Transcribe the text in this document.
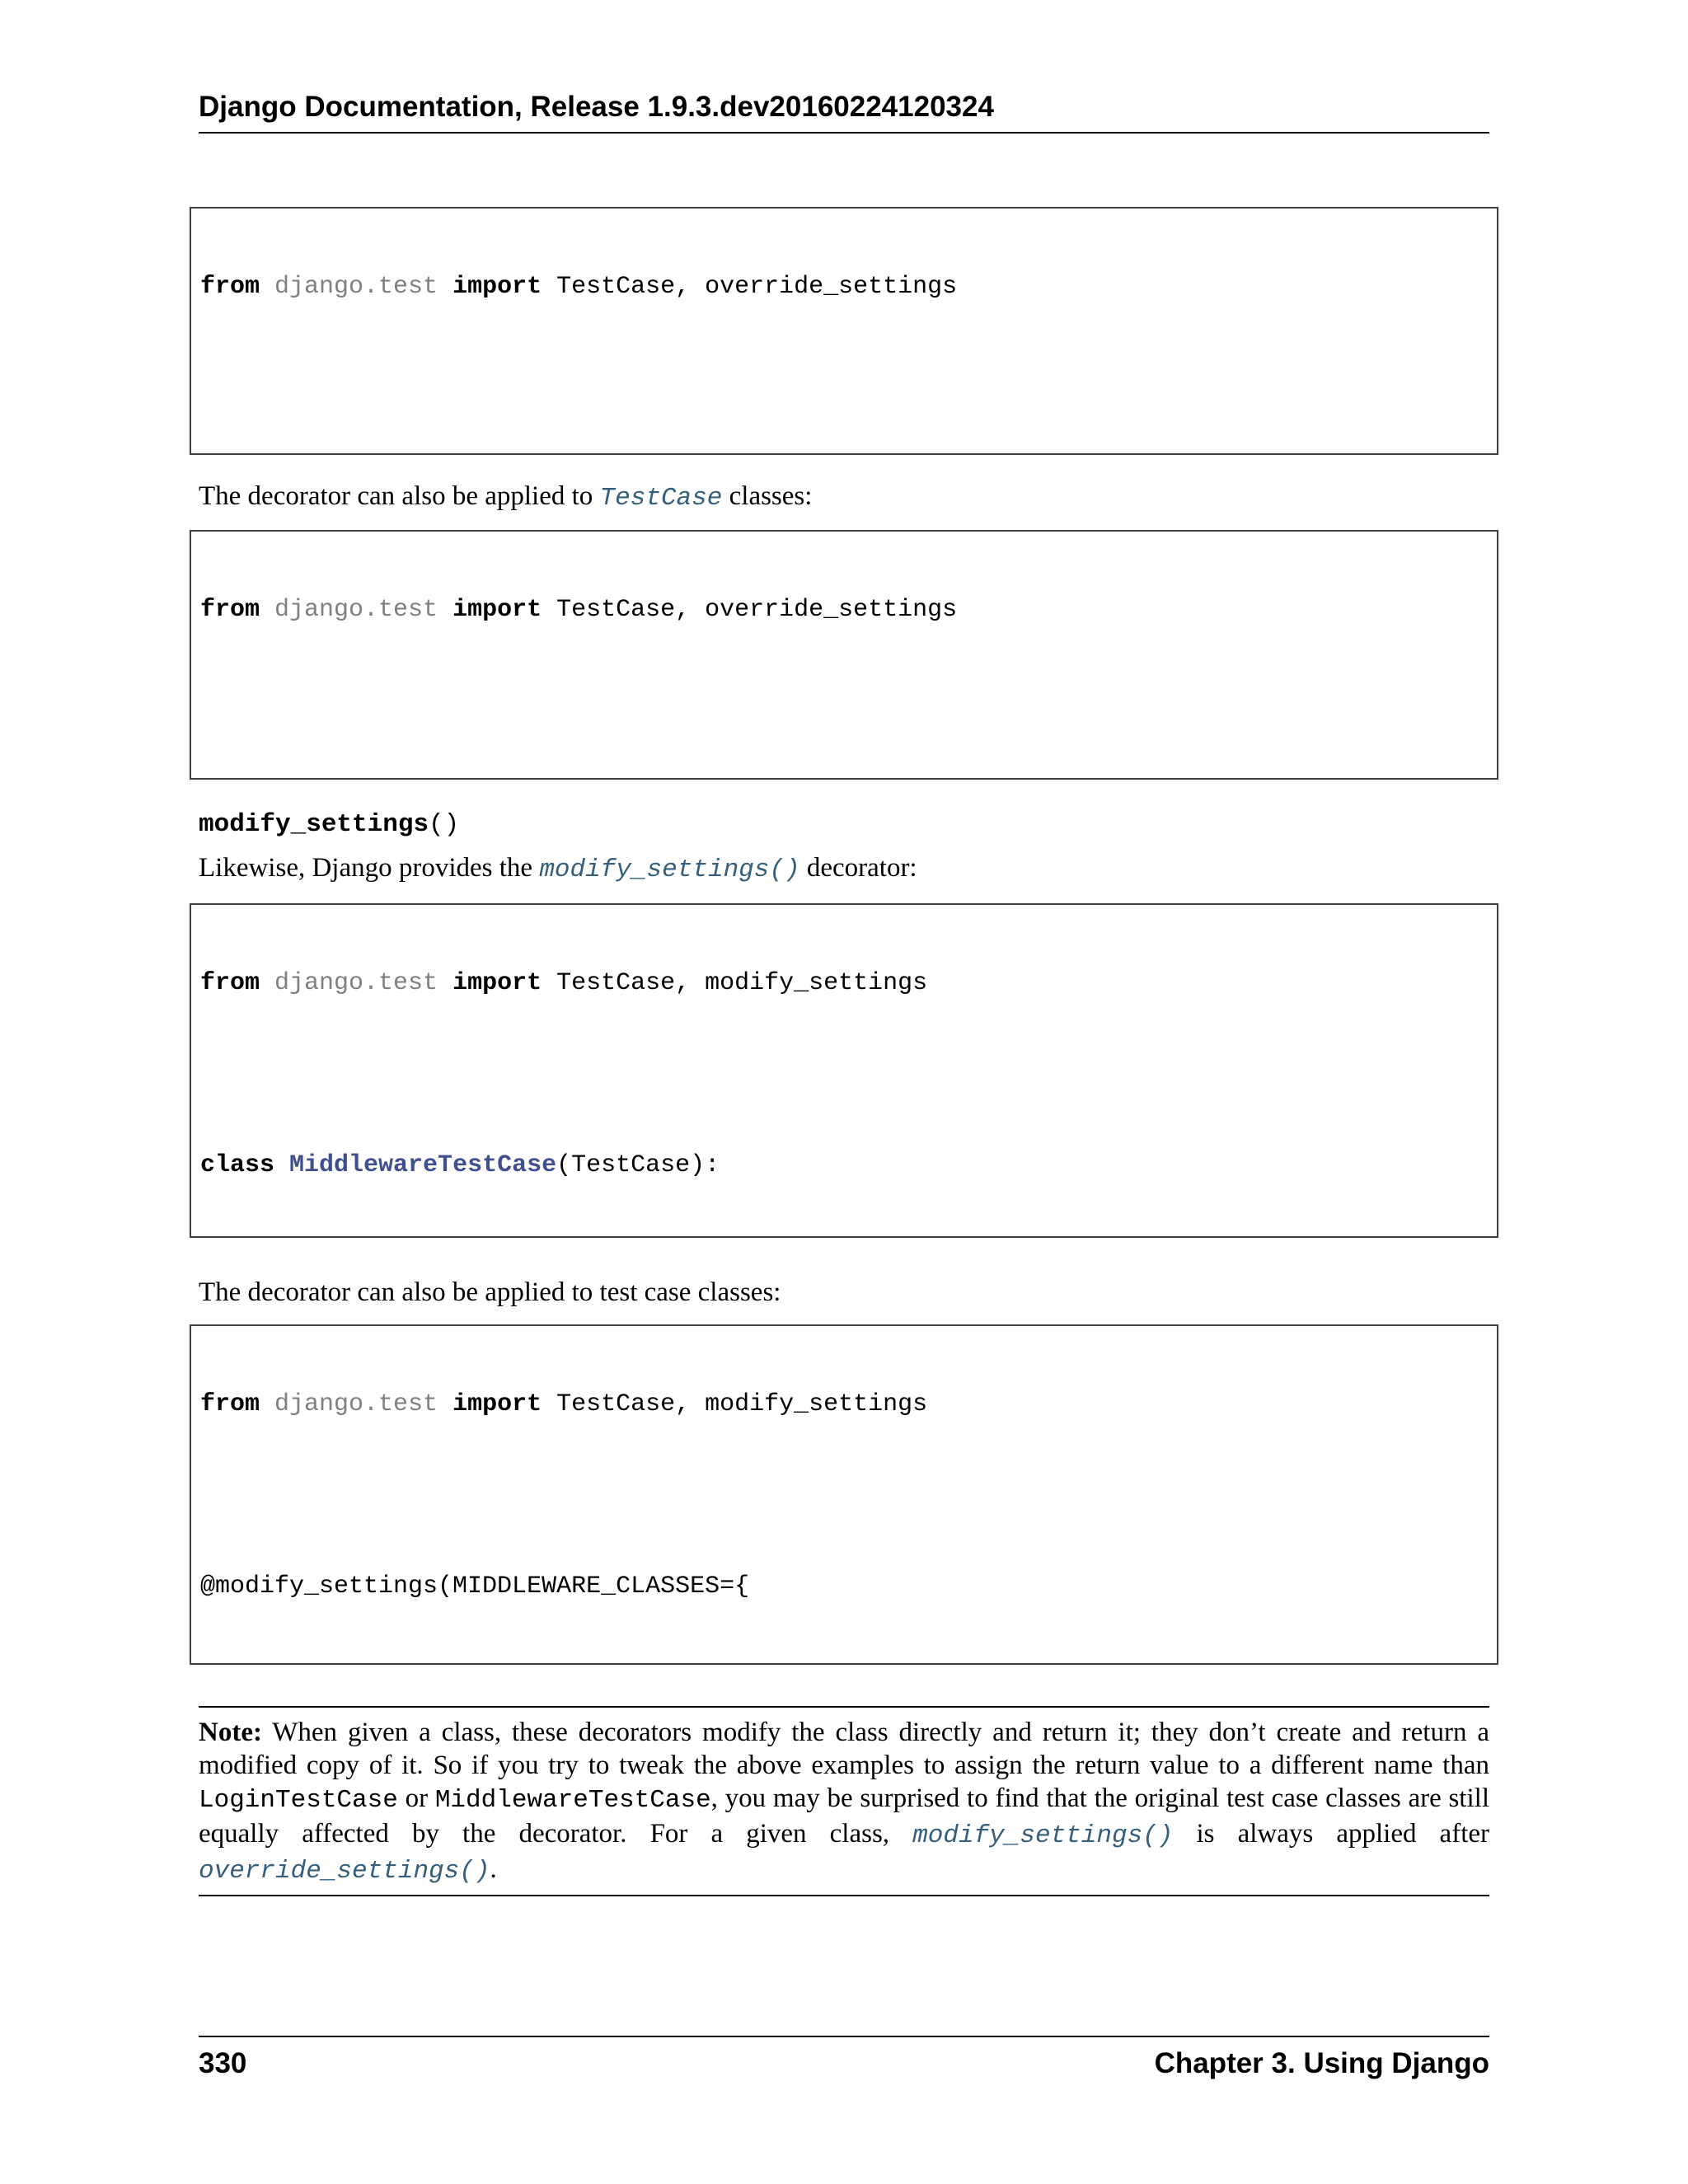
Django Documentation, Release 1.9.3.dev20160224120324

from django.test import TestCase, override_settings

The decorator can also be applied to TestCase classes:

from django.test import TestCase, override_settings

modify_settings()
Likewise, Django provides the modify_settings() decorator:

from django.test import TestCase, modify_settings

class MiddlewareTestCase(TestCase):

The decorator can also be applied to test case classes:

from django.test import TestCase, modify_settings

@modify_settings(MIDDLEWARE_CLASSES={

Note: When given a class, these decorators modify the class directly and return it; they don’t create and return a modified copy of it. So if you try to tweak the above examples to assign the return value to a different name than LoginTestCase or MiddlewareTestCase, you may be surprised to find that the original test case classes are still equally affected by the decorator. For a given class, modify_settings() is always applied after override_settings().
330	Chapter 3. Using Django
